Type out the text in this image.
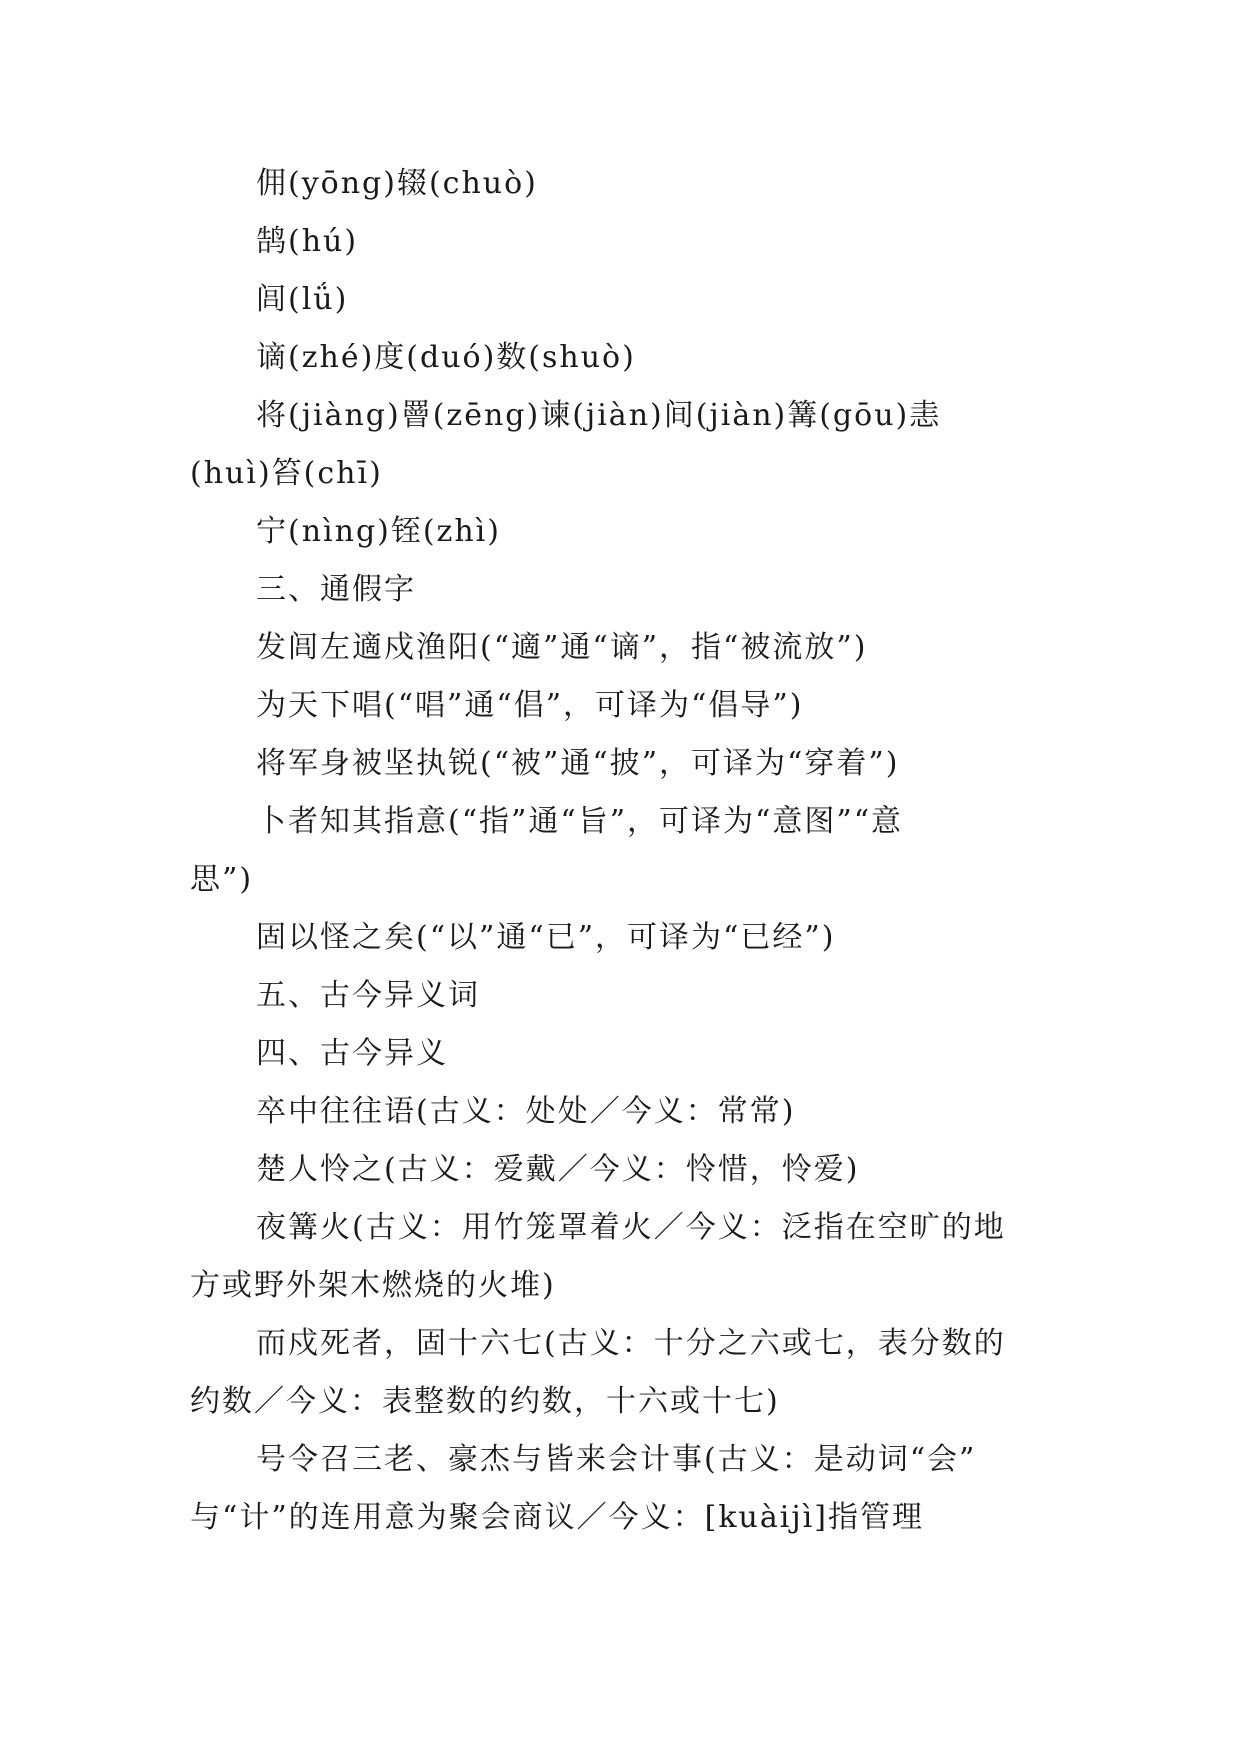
佣(yōng)辍(chuò)
鹄(hú)
闾(lǘ)
谪(zhé)度(duó)数(shuò)
将(jiàng)罾(zēng)谏(jiàn)间(jiàn)篝(gōu)恚
(huì)笞(chī)
宁(nìng)铚(zhì)
三、通假字
发闾左適戍渔阳(“適”通“谪”，指“被流放”)
为天下唱(“唱”通“倡”，可译为“倡导”)
将军身被坚执锐(“被”通“披”，可译为“穿着”)
卜者知其指意(“指”通“旨”，可译为“意图”“意
思”)
固以怪之矣(“以”通“已”，可译为“已经”)
五、古今异义词
四、古今异义
卒中往往语(古义：处处／今义：常常)
楚人怜之(古义：爱戴／今义：怜惜，怜爱)
夜篝火(古义：用竹笼罩着火／今义：泛指在空旷的地
方或野外架木燃烧的火堆)
而戍死者，固十六七(古义：十分之六或七，表分数的
约数／今义：表整数的约数，十六或十七)
号令召三老、豪杰与皆来会计事(古义：是动词“会”
与“计”的连用意为聚会商议／今义：[kuàijì]指管理
